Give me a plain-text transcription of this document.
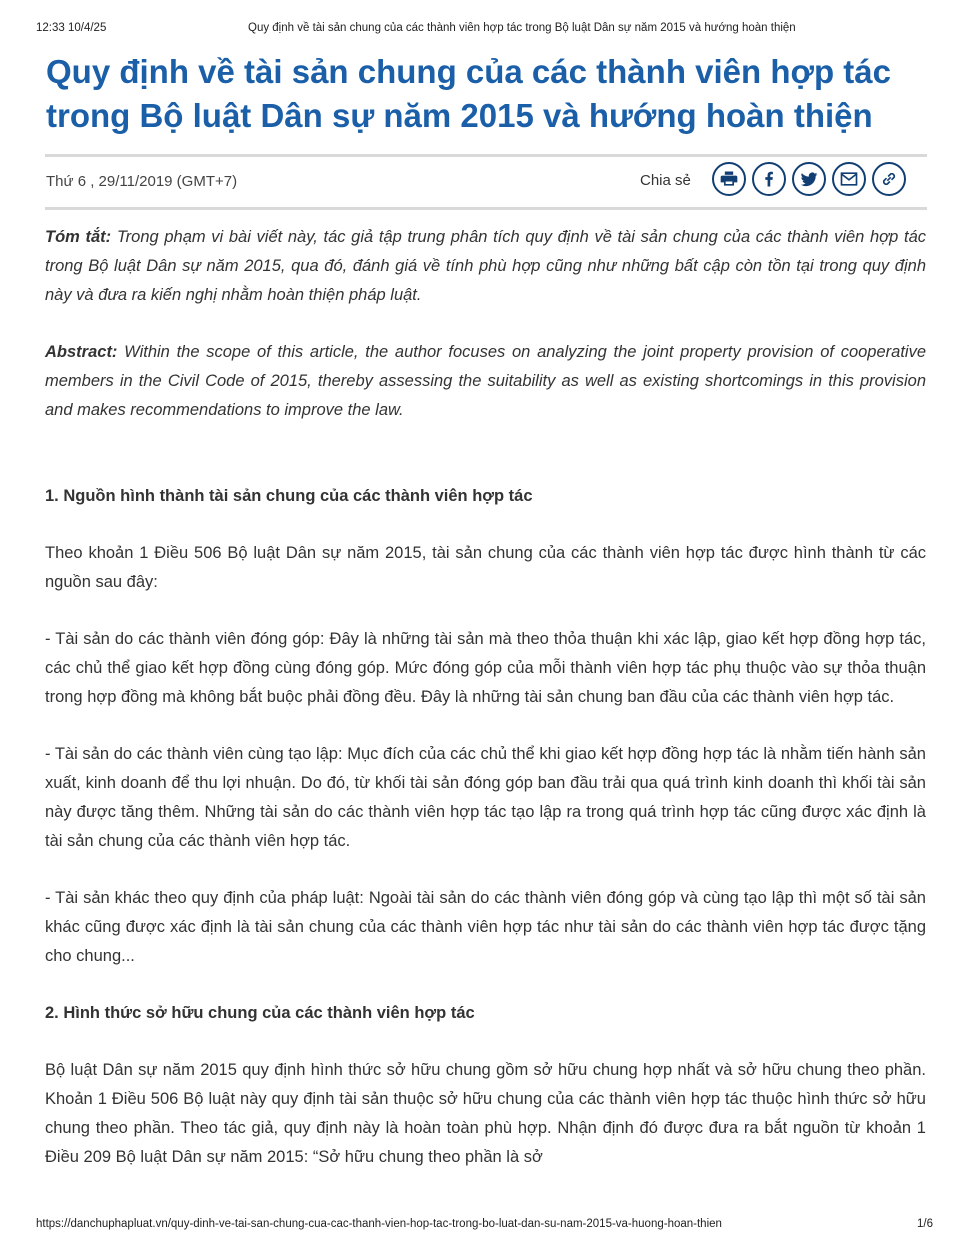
12:33 10/4/25	Quy định về tài sản chung của các thành viên hợp tác trong Bộ luật Dân sự năm 2015 và hướng hoàn thiện
Quy định về tài sản chung của các thành viên hợp tác trong Bộ luật Dân sự năm 2015 và hướng hoàn thiện
Thứ 6 , 29/11/2019 (GMT+7)	Chia sẻ

Tóm tắt: Trong phạm vi bài viết này, tác giả tập trung phân tích quy định về tài sản chung của các thành viên hợp tác trong Bộ luật Dân sự năm 2015, qua đó, đánh giá về tính phù hợp cũng như những bất cập còn tồn tại trong quy định này và đưa ra kiến nghị nhằm hoàn thiện pháp luật.

Abstract: Within the scope of this article, the author focuses on analyzing the joint property provision of cooperative members in the Civil Code of 2015, thereby assessing the suitability as well as existing shortcomings in this provision and makes recommendations to improve the law.

1. Nguồn hình thành tài sản chung của các thành viên hợp tác

Theo khoản 1 Điều 506 Bộ luật Dân sự năm 2015, tài sản chung của các thành viên hợp tác được hình thành từ các nguồn sau đây:

- Tài sản do các thành viên đóng góp: Đây là những tài sản mà theo thỏa thuận khi xác lập, giao kết hợp đồng hợp tác, các chủ thể giao kết hợp đồng cùng đóng góp. Mức đóng góp của mỗi thành viên hợp tác phụ thuộc vào sự thỏa thuận trong hợp đồng mà không bắt buộc phải đồng đều. Đây là những tài sản chung ban đầu của các thành viên hợp tác.

- Tài sản do các thành viên cùng tạo lập: Mục đích của các chủ thể khi giao kết hợp đồng hợp tác là nhằm tiến hành sản xuất, kinh doanh để thu lợi nhuận. Do đó, từ khối tài sản đóng góp ban đầu trải qua quá trình kinh doanh thì khối tài sản này được tăng thêm. Những tài sản do các thành viên hợp tác tạo lập ra trong quá trình hợp tác cũng được xác định là tài sản chung của các thành viên hợp tác.

- Tài sản khác theo quy định của pháp luật: Ngoài tài sản do các thành viên đóng góp và cùng tạo lập thì một số tài sản khác cũng được xác định là tài sản chung của các thành viên hợp tác như tài sản do các thành viên hợp tác được tặng cho chung...

2. Hình thức sở hữu chung của các thành viên hợp tác

Bộ luật Dân sự năm 2015 quy định hình thức sở hữu chung gồm sở hữu chung hợp nhất và sở hữu chung theo phần. Khoản 1 Điều 506 Bộ luật này quy định tài sản thuộc sở hữu chung của các thành viên hợp tác thuộc hình thức sở hữu chung theo phần. Theo tác giả, quy định này là hoàn toàn phù hợp. Nhận định đó được đưa ra bắt nguồn từ khoản 1 Điều 209 Bộ luật Dân sự năm 2015: “Sở hữu chung theo phần là sở

https://danchuphapluat.vn/quy-dinh-ve-tai-san-chung-cua-cac-thanh-vien-hop-tac-trong-bo-luat-dan-su-nam-2015-va-huong-hoan-thien	1/6
